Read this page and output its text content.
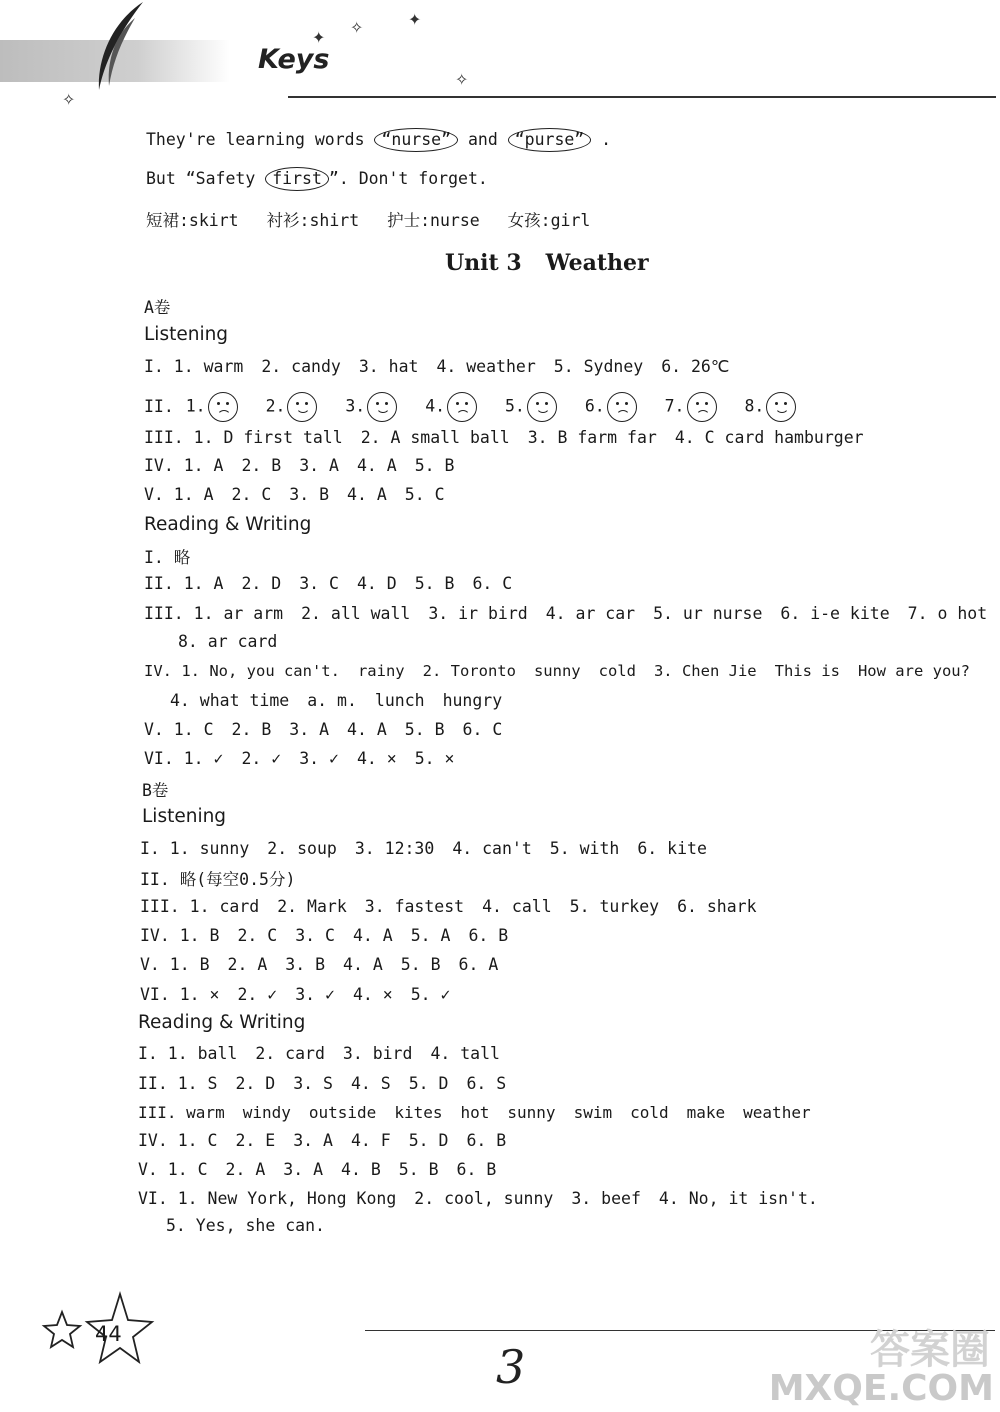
Keys
✦
✧	✦
✧
✧
They're learning words “nurse” and “purse” .
But “Safety first ”. Don't forget.
短裙:skirt 衬衫:shirt 护士:nurse 女孩:girl
Unit 3 Weather
A卷
Listening
I. 1. warm 2. candy 3. hat 4. weather 5. Sydney 6. 26℃
II. 1.	2.	3.	4.	5.	6.	7.	8.
III. 1. D first tall 2. A small ball 3. B farm far 4. C card hamburger
IV. 1. A 2. B 3. A 4. A 5. B
V. 1. A 2. C 3. B 4. A 5. C
Reading & Writing
I. 略
II. 1. A 2. D 3. C 4. D 5. B 6. C
III. 1. ar arm 2. all wall 3. ir bird 4. ar car 5. ur nurse 6. i-e kite 7. o hot
8. ar card
IV. 1. No, you can't. rainy 2. Toronto sunny cold 3. Chen Jie This is How are you?
4. what time a. m. lunch hungry
V. 1. C 2. B 3. A 4. A 5. B 6. C
VI. 1. ✓ 2. ✓ 3. ✓ 4. × 5. ×
B卷
Listening
I. 1. sunny 2. soup 3. 12:30 4. can't 5. with 6. kite
II. 略(每空0.5分)
III. 1. card 2. Mark 3. fastest 4. call 5. turkey 6. shark
IV. 1. B 2. C 3. C 4. A 5. A 6. B
V. 1. B 2. A 3. B 4. A 5. B 6. A
VI. 1. × 2. ✓ 3. ✓ 4. × 5. ✓
Reading & Writing
I. 1. ball 2. card 3. bird 4. tall
II. 1. S 2. D 3. S 4. S 5. D 6. S
III. warm windy outside kites hot sunny swim cold make weather
IV. 1. C 2. E 3. A 4. F 5. D 6. B
V. 1. C 2. A 3. A 4. B 5. B 6. B
VI. 1. New York, Hong Kong 2. cool, sunny 3. beef 4. No, it isn't.
5. Yes, she can.
44
3	答案圈
MXQE.COM
